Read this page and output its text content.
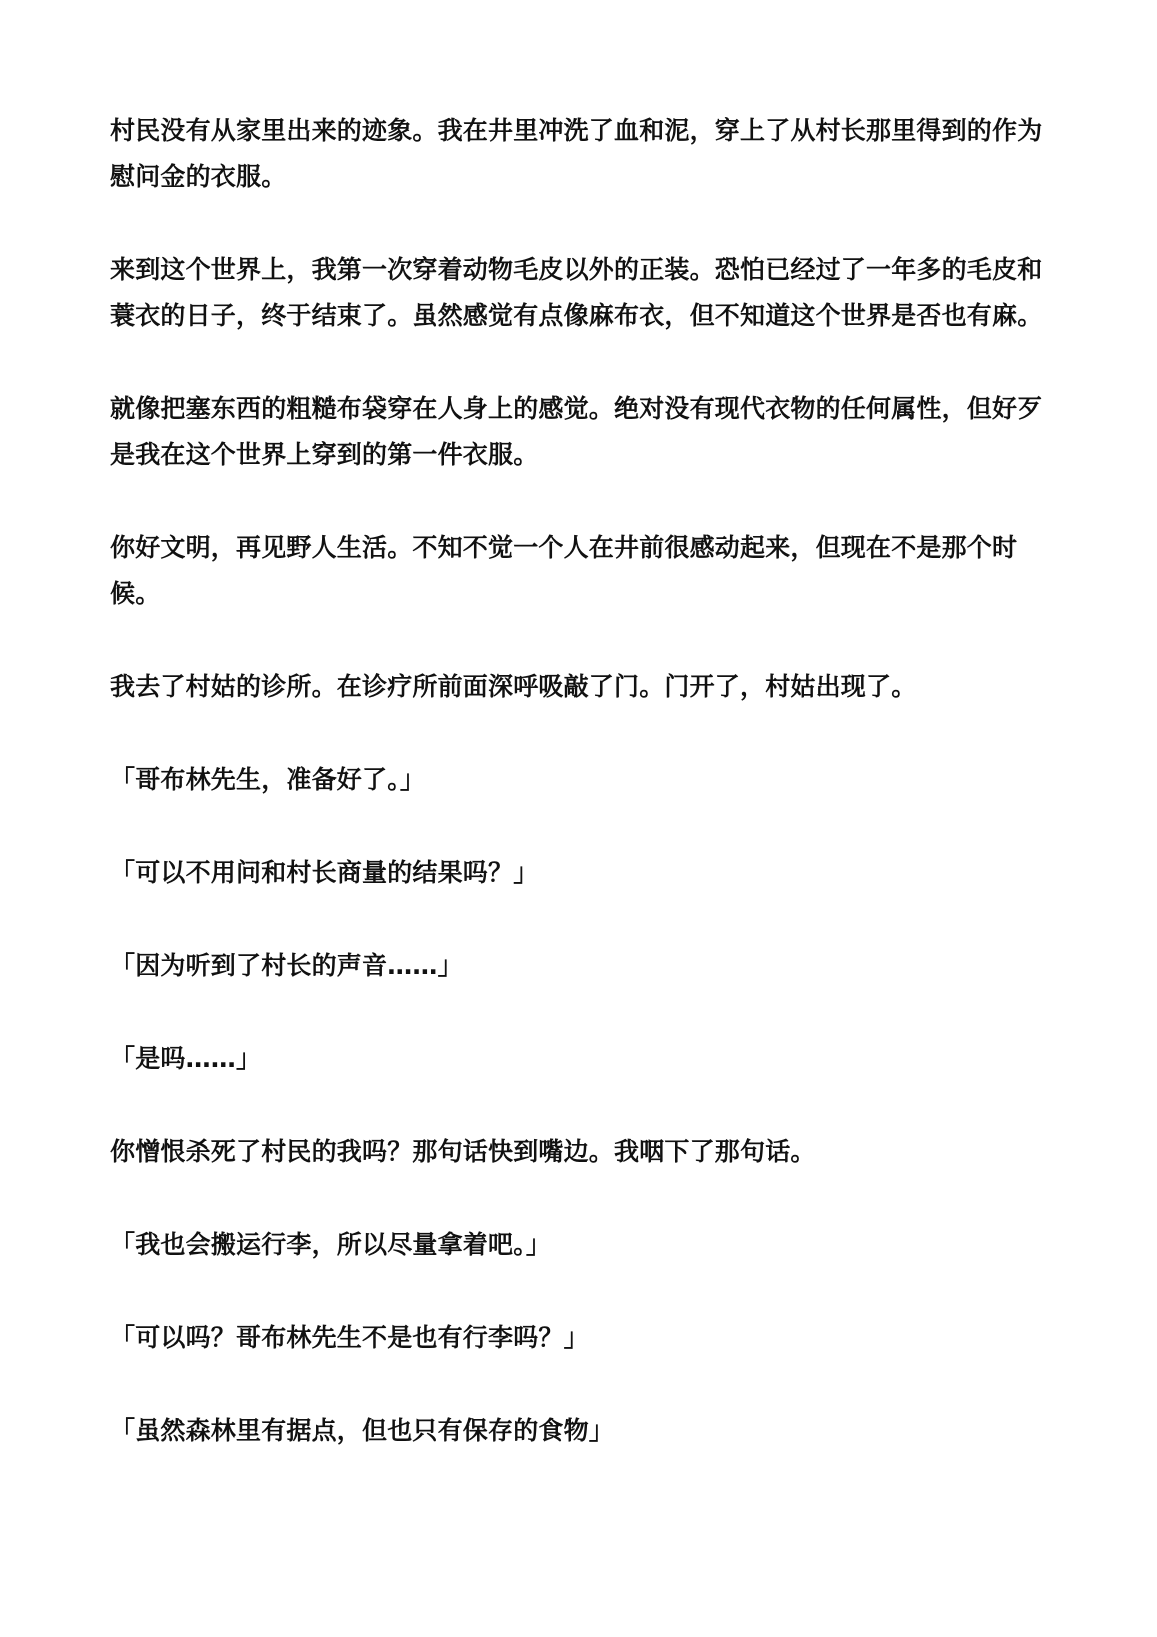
村民没有从家里出来的迹象。我在井里冲洗了血和泥，穿上了从村长那里得到的作为慰问金的衣服。

来到这个世界上，我第一次穿着动物毛皮以外的正装。恐怕已经过了一年多的毛皮和蓑衣的日子，终于结束了。虽然感觉有点像麻布衣，但不知道这个世界是否也有麻。

就像把塞东西的粗糙布袋穿在人身上的感觉。绝对没有现代衣物的任何属性，但好歹是我在这个世界上穿到的第一件衣服。

你好文明，再见野人生活。不知不觉一个人在井前很感动起来，但现在不是那个时候。

我去了村姑的诊所。在诊疗所前面深呼吸敲了门。门开了，村姑出现了。

「哥布林先生，准备好了。」

「可以不用问和村长商量的结果吗？」

「因为听到了村长的声音……」

「是吗……」

你憎恨杀死了村民的我吗？那句话快到嘴边。我咽下了那句话。

「我也会搬运行李，所以尽量拿着吧。」

「可以吗？哥布林先生不是也有行李吗？」

「虽然森林里有据点，但也只有保存的食物」
